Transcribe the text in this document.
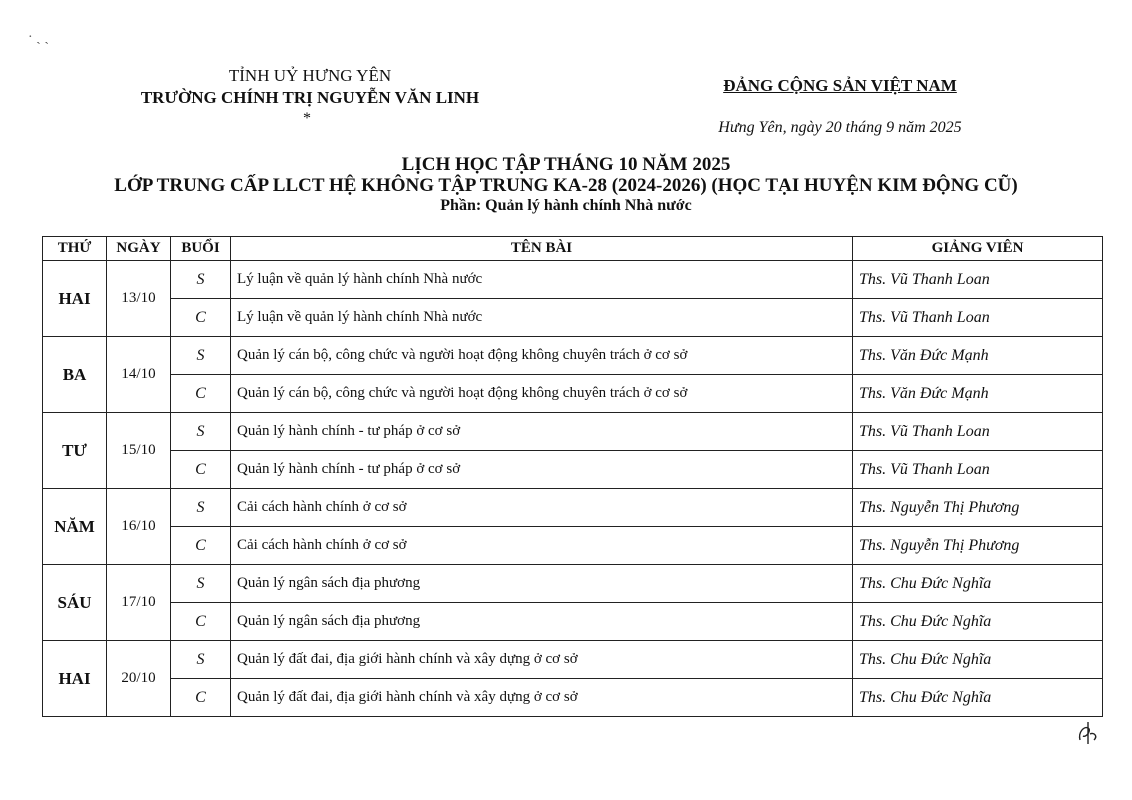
· ˎ ˏ
TỈNH UỶ HƯNG YÊN
TRƯỜNG CHÍNH TRỊ NGUYỄN VĂN LINH
*
ĐẢNG CỘNG SẢN VIỆT NAM
Hưng Yên, ngày 20 tháng 9 năm 2025
LỊCH HỌC TẬP THÁNG 10 NĂM 2025
LỚP TRUNG CẤP LLCT HỆ KHÔNG TẬP TRUNG KA-28 (2024-2026) (HỌC TẠI HUYỆN KIM ĐỘNG CŨ)
Phần: Quản lý hành chính Nhà nước
THỨ	NGÀY	BUỔI	TÊN BÀI	GIẢNG VIÊN
HAI	13/10	S	Lý luận về quản lý hành chính Nhà nước	Ths. Vũ Thanh Loan
		C	Lý luận về quản lý hành chính Nhà nước	Ths. Vũ Thanh Loan
BA	14/10	S	Quản lý cán bộ, công chức và người hoạt động không chuyên trách ở cơ sở	Ths. Văn Đức Mạnh
		C	Quản lý cán bộ, công chức và người hoạt động không chuyên trách ở cơ sở	Ths. Văn Đức Mạnh
TƯ	15/10	S	Quản lý hành chính - tư pháp ở cơ sở	Ths. Vũ Thanh Loan
		C	Quản lý hành chính - tư pháp ở cơ sở	Ths. Vũ Thanh Loan
NĂM	16/10	S	Cải cách hành chính ở cơ sở	Ths. Nguyễn Thị Phương
		C	Cải cách hành chính ở cơ sở	Ths. Nguyễn Thị Phương
SÁU	17/10	S	Quản lý ngân sách địa phương	Ths. Chu Đức Nghĩa
		C	Quản lý ngân sách địa phương	Ths. Chu Đức Nghĩa
HAI	20/10	S	Quản lý đất đai, địa giới hành chính và xây dựng ở cơ sở	Ths. Chu Đức Nghĩa
		C	Quản lý đất đai, địa giới hành chính và xây dựng ở cơ sở	Ths. Chu Đức Nghĩa
